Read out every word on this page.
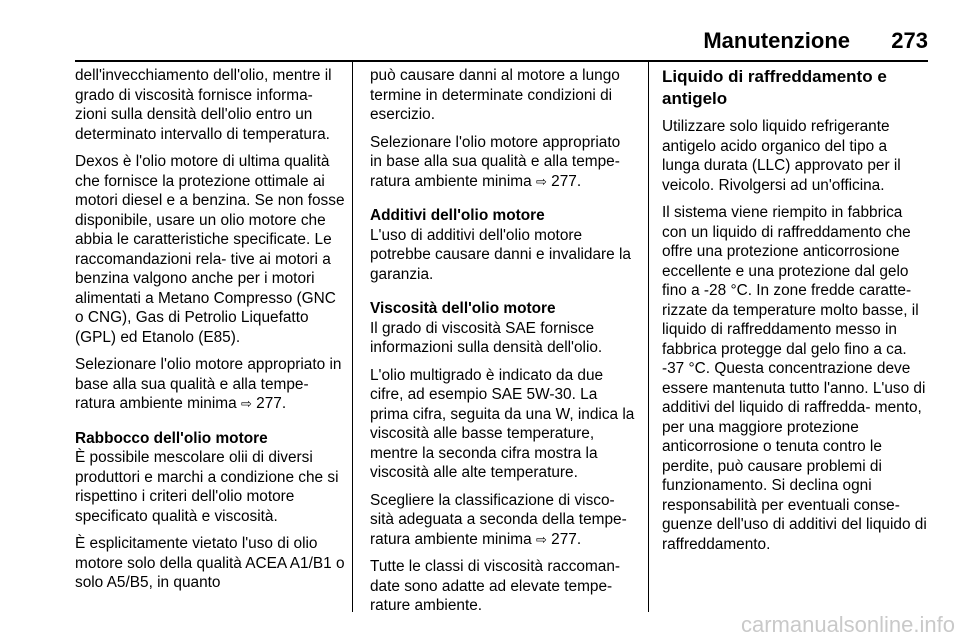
Manutenzione	273

dell'invecchiamento dell'olio, mentre il grado di viscosità fornisce informa- zioni sulla densità dell'olio entro un determinato intervallo di temperatura.

Dexos è l'olio motore di ultima qualità che fornisce la protezione ottimale ai motori diesel e a benzina. Se non fosse disponibile, usare un olio motore che abbia le caratteristiche specificate. Le raccomandazioni rela- tive ai motori a benzina valgono anche per i motori alimentati a Metano Compresso (GNC o CNG), Gas di Petrolio Liquefatto (GPL) ed Etanolo (E85).

Selezionare l'olio motore appropriato in base alla sua qualità e alla tempe- ratura ambiente minima ⇨ 277.

Rabbocco dell'olio motore

È possibile mescolare olii di diversi produttori e marchi a condizione che si rispettino i criteri dell'olio motore specificato qualità e viscosità.

È esplicitamente vietato l'uso di olio motore solo della qualità ACEA A1/B1 o solo A5/B5, in quanto

può causare danni al motore a lungo termine in determinate condizioni di esercizio.

Selezionare l'olio motore appropriato in base alla sua qualità e alla tempe- ratura ambiente minima ⇨ 277.

Additivi dell'olio motore

L'uso di additivi dell'olio motore potrebbe causare danni e invalidare la garanzia.

Viscosità dell'olio motore

Il grado di viscosità SAE fornisce informazioni sulla densità dell'olio.

L'olio multigrado è indicato da due cifre, ad esempio SAE 5W-30. La prima cifra, seguita da una W, indica la viscosità alle basse temperature, mentre la seconda cifra mostra la viscosità alle alte temperature.

Scegliere la classificazione di visco- sità adeguata a seconda della tempe- ratura ambiente minima ⇨ 277.

Tutte le classi di viscosità raccoman- date sono adatte ad elevate tempe- rature ambiente.

Liquido di raffreddamento e antigelo

Utilizzare solo liquido refrigerante antigelo acido organico del tipo a lunga durata (LLC) approvato per il veicolo. Rivolgersi ad un'officina.

Il sistema viene riempito in fabbrica con un liquido di raffreddamento che offre una protezione anticorrosione eccellente e una protezione dal gelo fino a -28 °C. In zone fredde caratte- rizzate da temperature molto basse, il liquido di raffreddamento messo in fabbrica protegge dal gelo fino a ca. -37 °C. Questa concentrazione deve essere mantenuta tutto l'anno. L'uso di additivi del liquido di raffredda- mento, per una maggiore protezione anticorrosione o tenuta contro le perdite, può causare problemi di funzionamento. Si declina ogni responsabilità per eventuali conse- guenze dell'uso di additivi del liquido di raffreddamento.

carmanualsonline.info
